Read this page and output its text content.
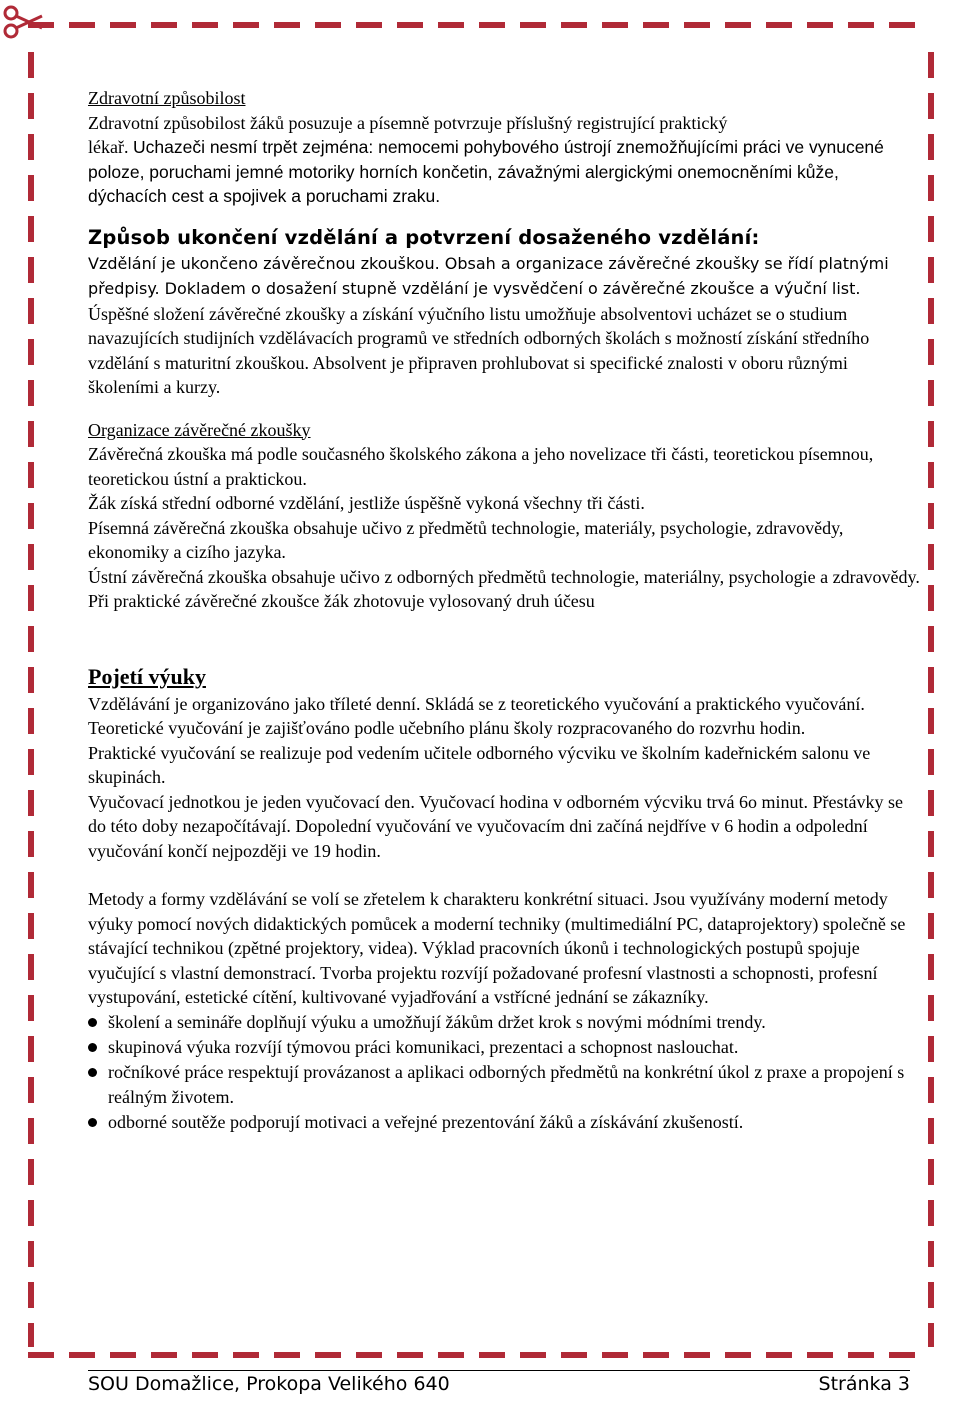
Zdravotní způsobilost

Zdravotní způsobilost žáků posuzuje a písemně potvrzuje příslušný registrující praktický
lékař. Uchazeči nesmí trpět zejména: nemocemi pohybového ústrojí znemožňujícími práci ve vynucené poloze, poruchami jemné motoriky horních končetin, závažnými alergickými onemocněními kůže, dýchacích cest a spojivek a poruchami zraku.

Způsob ukončení vzdělání a potvrzení dosaženého vzdělání:

Vzdělání je ukončeno závěrečnou zkouškou. Obsah a organizace závěrečné zkoušky se řídí platnými předpisy. Dokladem o dosažení stupně vzdělání je vysvědčení o závěrečné zkoušce a výuční list. Úspěšné složení závěrečné zkoušky a získání výučního listu umožňuje absolventovi ucházet se o studium navazujících studijních vzdělávacích programů ve středních odborných školách s možností získání středního vzdělání s maturitní zkouškou. Absolvent je připraven prohlubovat si specifické znalosti v oboru různými školeními a kurzy.

Organizace závěrečné zkoušky

Závěrečná zkouška má podle současného školského zákona a jeho novelizace tři části, teoretickou písemnou, teoretickou ústní a praktickou.

Žák získá střední odborné vzdělání, jestliže úspěšně vykoná všechny tři části.

Písemná závěrečná zkouška obsahuje učivo z předmětů technologie, materiály, psychologie, zdravovědy, ekonomiky a cizího jazyka.

Ústní závěrečná zkouška obsahuje učivo z odborných předmětů technologie, materiálny, psychologie a zdravovědy.

Při praktické závěrečné zkoušce žák zhotovuje vylosovaný druh účesu

Pojetí výuky

Vzdělávání je organizováno jako tříleté denní. Skládá se z teoretického vyučování a praktického vyučování.

Teoretické vyučování je zajišťováno podle učebního plánu školy rozpracovaného do rozvrhu hodin.

Praktické vyučování se realizuje pod vedením učitele odborného výcviku ve školním kadeřnickém salonu ve skupinách.

Vyučovací jednotkou je jeden vyučovací den. Vyučovací hodina v odborném výcviku trvá 6o minut. Přestávky se do této doby nezapočítávají. Dopolední vyučování ve vyučovacím dni začíná nejdříve v 6 hodin a odpolední vyučování končí nejpozději ve 19 hodin.

Metody a formy vzdělávání se volí se zřetelem k charakteru konkrétní situaci. Jsou využívány moderní metody výuky pomocí nových didaktických pomůcek a moderní techniky (multimediální PC, dataprojektory) společně se stávající technikou (zpětné projektory, videa). Výklad pracovních úkonů i technologických postupů spojuje vyučující s vlastní demonstrací. Tvorba projektu rozvíjí požadované profesní vlastnosti a schopnosti, profesní vystupování, estetické cítění, kultivované vyjadřování a vstřícné jednání se zákazníky.

školení a semináře doplňují výuku a umožňují žákům držet krok s novými módními trendy.
skupinová výuka rozvíjí týmovou práci komunikaci, prezentaci a schopnost naslouchat.
ročníkové práce respektují provázanost a aplikaci odborných předmětů na konkrétní úkol z praxe a propojení s reálným životem.
odborné soutěže podporují motivaci a veřejné prezentování žáků a získávání zkušeností.
SOU Domažlice, Prokopa Velikého 640	Stránka 3
